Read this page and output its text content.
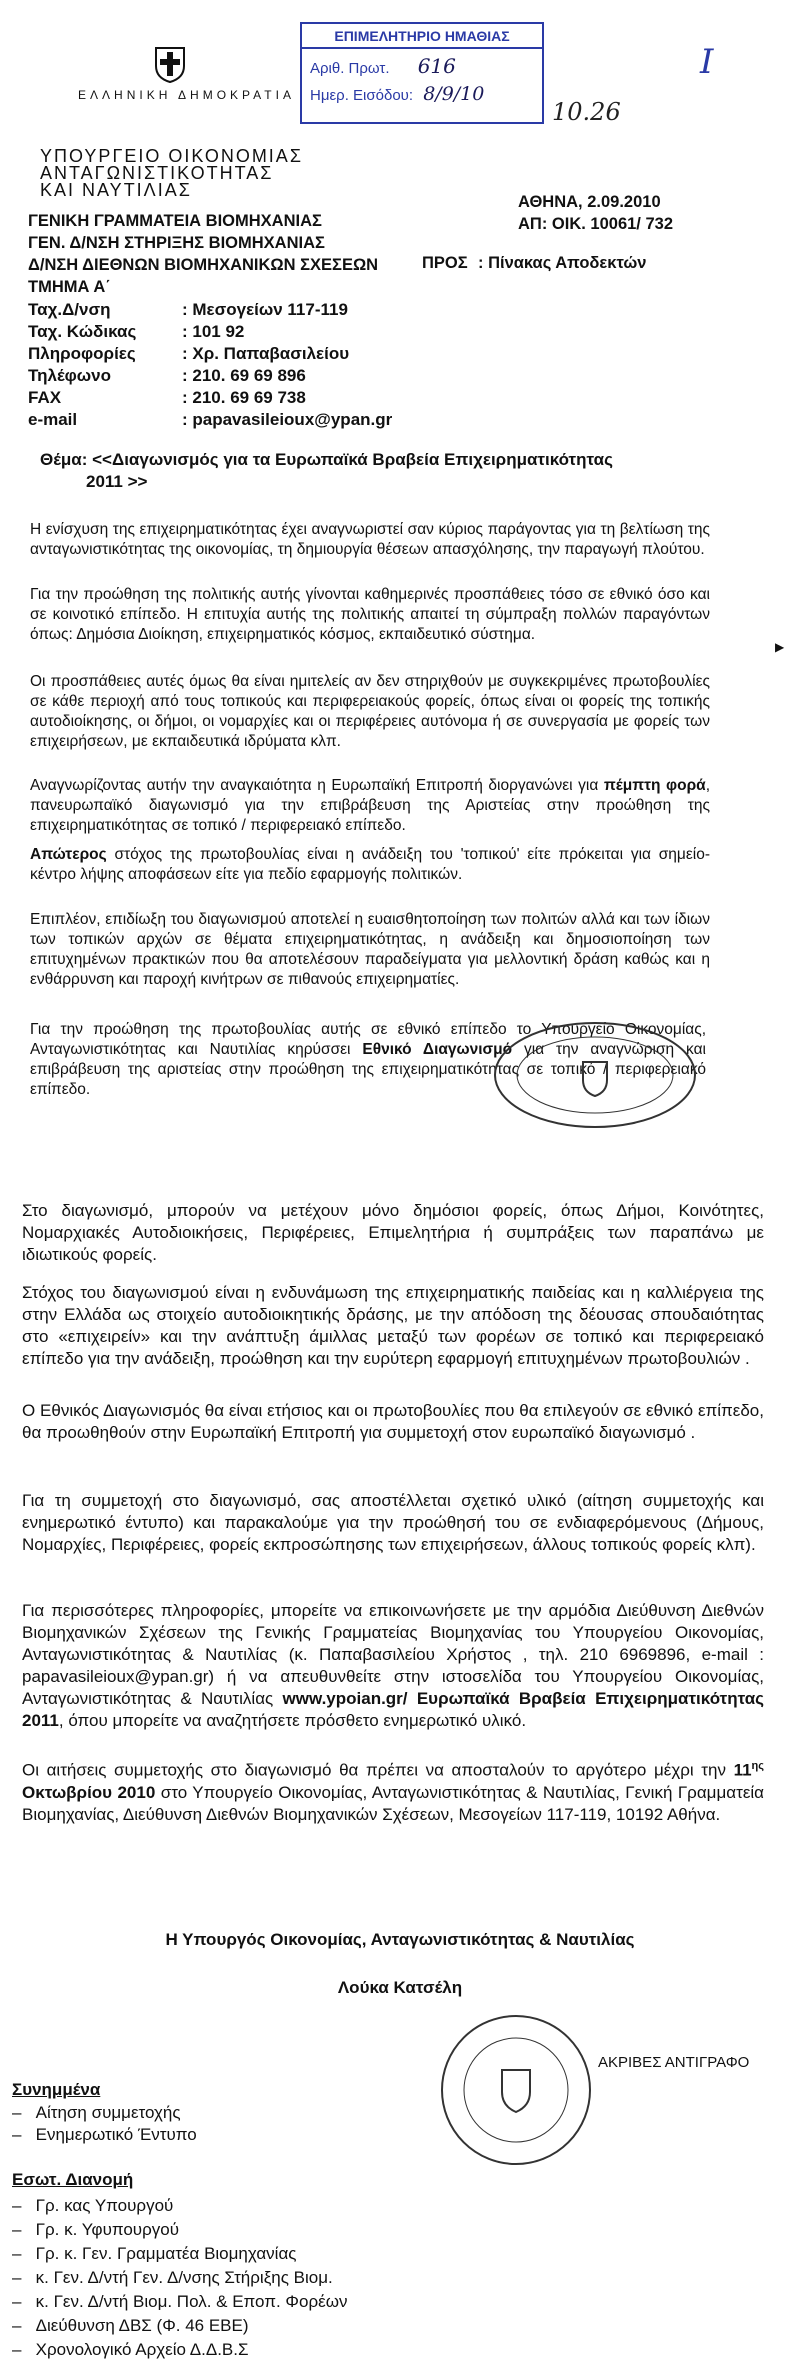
ΕΛΛΗΝΙΚΗ ΔΗΜΟΚΡΑΤΙΑ
ΥΠΟΥΡΓΕΙΟ ΟΙΚΟΝΟΜΙΑΣ
ΑΝΤΑΓΩΝΙΣΤΙΚΟΤΗΤΑΣ
ΚΑΙ ΝΑΥΤΙΛΙΑΣ
ΕΠΙΜΕΛΗΤΗΡΙΟ ΗΜΑΘΙΑΣ
Αριθ. Πρωτ. 616
Ημερ. Εισόδου: 8/9/10
10.26
I
ΓΕΝΙΚΗ ΓΡΑΜΜΑΤΕΙΑ ΒΙΟΜΗΧΑΝΙΑΣ
ΓΕΝ. Δ/ΝΣΗ ΣΤΗΡΙΞΗΣ ΒΙΟΜΗΧΑΝΙΑΣ
Δ/ΝΣΗ ΔΙΕΘΝΩΝ ΒΙΟΜΗΧΑΝΙΚΩΝ ΣΧΕΣΕΩΝ
ΤΜΗΜΑ Α΄
ΑΘΗΝΑ, 2.09.2010
ΑΠ: ΟΙΚ. 10061/ 732
ΠΡΟΣ : Πίνακας Αποδεκτών
Ταχ.Δ/νση	: Μεσογείων 117-119
Ταχ. Κώδικας	: 101 92
Πληροφορίες	: Χρ. Παπαβασιλείου
Τηλέφωνο	: 210. 69 69 896
FAX	: 210. 69 69 738
e-mail	: papavasileioux@ypan.gr
Θέμα: <<Διαγωνισμός για τα Ευρωπαϊκά Βραβεία Επιχειρηματικότητας
2011 >>
Η ενίσχυση της επιχειρηματικότητας έχει αναγνωριστεί σαν κύριος παράγοντας για τη βελτίωση της ανταγωνιστικότητας της οικονομίας, τη δημιουργία θέσεων απασχόλησης, την παραγωγή πλούτου.
Για την προώθηση της πολιτικής αυτής γίνονται καθημερινές προσπάθειες τόσο σε εθνικό όσο και σε κοινοτικό επίπεδο. Η επιτυχία αυτής της πολιτικής απαιτεί τη σύμπραξη πολλών παραγόντων όπως: Δημόσια Διοίκηση, επιχειρηματικός κόσμος, εκπαιδευτικό σύστημα.
Οι προσπάθειες αυτές όμως θα είναι ημιτελείς αν δεν στηριχθούν με συγκεκριμένες πρωτοβουλίες σε κάθε περιοχή από τους τοπικούς και περιφερειακούς φορείς, όπως είναι οι φορείς της τοπικής αυτοδιοίκησης, οι δήμοι, οι νομαρχίες και οι περιφέρειες αυτόνομα ή σε συνεργασία με φορείς των επιχειρήσεων, με εκπαιδευτικά ιδρύματα κλπ.
Αναγνωρίζοντας αυτήν την αναγκαιότητα η Ευρωπαϊκή Επιτροπή διοργανώνει για πέμπτη φορά, πανευρωπαϊκό διαγωνισμό για την επιβράβευση της Αριστείας στην προώθηση της επιχειρηματικότητας σε τοπικό / περιφερειακό επίπεδο.
Απώτερος στόχος της πρωτοβουλίας είναι η ανάδειξη του 'τοπικού' είτε πρόκειται για σημείο-κέντρο λήψης αποφάσεων είτε για πεδίο εφαρμογής πολιτικών.
Επιπλέον, επιδίωξη του διαγωνισμού αποτελεί η ευαισθητοποίηση των πολιτών αλλά και των ίδιων των τοπικών αρχών σε θέματα επιχειρηματικότητας, η ανάδειξη και δημοσιοποίηση των επιτυχημένων πρακτικών που θα αποτελέσουν παραδείγματα για μελλοντική δράση καθώς και η ενθάρρυνση και παροχή κινήτρων σε πιθανούς επιχειρηματίες.
Για την προώθηση της πρωτοβουλίας αυτής σε εθνικό επίπεδο το Υπουργείο Οικονομίας, Ανταγωνιστικότητας και Ναυτιλίας κηρύσσει Εθνικό Διαγωνισμό για την αναγνώριση και επιβράβευση της αριστείας στην προώθηση της επιχειρηματικότητας σε τοπικό / περιφερειακό επίπεδο.
▶
Στο διαγωνισμό, μπορούν να μετέχουν μόνο δημόσιοι φορείς, όπως Δήμοι, Κοινότητες, Νομαρχιακές Αυτοδιοικήσεις, Περιφέρειες, Επιμελητήρια ή συμπράξεις των παραπάνω με ιδιωτικούς φορείς.
Στόχος του διαγωνισμού είναι η ενδυνάμωση της επιχειρηματικής παιδείας και η καλλιέργεια της στην Ελλάδα ως στοιχείο αυτοδιοικητικής δράσης, με την απόδοση της δέουσας σπουδαιότητας στο «επιχειρείν» και την ανάπτυξη άμιλλας μεταξύ των φορέων σε τοπικό και περιφερειακό επίπεδο για την ανάδειξη, προώθηση και την ευρύτερη εφαρμογή επιτυχημένων πρωτοβουλιών .
Ο Εθνικός Διαγωνισμός θα είναι ετήσιος και οι πρωτοβουλίες που θα επιλεγούν σε εθνικό επίπεδο, θα προωθηθούν στην Ευρωπαϊκή Επιτροπή για συμμετοχή στον ευρωπαϊκό διαγωνισμό .
Για τη συμμετοχή στο διαγωνισμό, σας αποστέλλεται σχετικό υλικό (αίτηση συμμετοχής και ενημερωτικό έντυπο) και παρακαλούμε για την προώθησή του σε ενδιαφερόμενους (Δήμους, Νομαρχίες, Περιφέρειες, φορείς εκπροσώπησης των επιχειρήσεων, άλλους τοπικούς φορείς κλπ).
Για περισσότερες πληροφορίες, μπορείτε να επικοινωνήσετε με την αρμόδια Διεύθυνση Διεθνών Βιομηχανικών Σχέσεων της Γενικής Γραμματείας Βιομηχανίας του Υπουργείου Οικονομίας, Ανταγωνιστικότητας & Ναυτιλίας (κ. Παπαβασιλείου Χρήστος , τηλ. 210 6969896, e-mail : papavasileioux@ypan.gr) ή να απευθυνθείτε στην ιστοσελίδα του Υπουργείου Οικονομίας, Ανταγωνιστικότητας & Ναυτιλίας www.ypoian.gr/ Ευρωπαϊκά Βραβεία Επιχειρηματικότητας 2011, όπου μπορείτε να αναζητήσετε πρόσθετο ενημερωτικό υλικό.
Οι αιτήσεις συμμετοχής στο διαγωνισμό θα πρέπει να αποσταλούν το αργότερο μέχρι την $11^{\eta\varsigma}$ Οκτωβρίου 2010 στο Υπουργείο Οικονομίας, Ανταγωνιστικότητας & Ναυτιλίας, Γενική Γραμματεία Βιομηχανίας, Διεύθυνση Διεθνών Βιομηχανικών Σχέσεων, Μεσογείων 117-119, 10192 Αθήνα.
Η Υπουργός Οικονομίας, Ανταγωνιστικότητας & Ναυτιλίας
Λούκα Κατσέλη
ΑΚΡΙΒΕΣ ΑΝΤΙΓΡΑΦΟ
Συνημμένα
–   Αίτηση συμμετοχής
–   Ενημερωτικό Έντυπο
Εσωτ. Διανομή
–   Γρ. κας Υπουργού
–   Γρ. κ. Υφυπουργού
–   Γρ. κ. Γεν. Γραμματέα Βιομηχανίας
–   κ. Γεν. Δ/ντή Γεν. Δ/νσης Στήριξης Βιομ.
–   κ. Γεν. Δ/ντή Βιομ. Πολ. & Εποπ. Φορέων
–   Διεύθυνση ΔΒΣ (Φ. 46 ΕΒΕ)
–   Χρονολογικό Αρχείο Δ.Δ.Β.Σ
